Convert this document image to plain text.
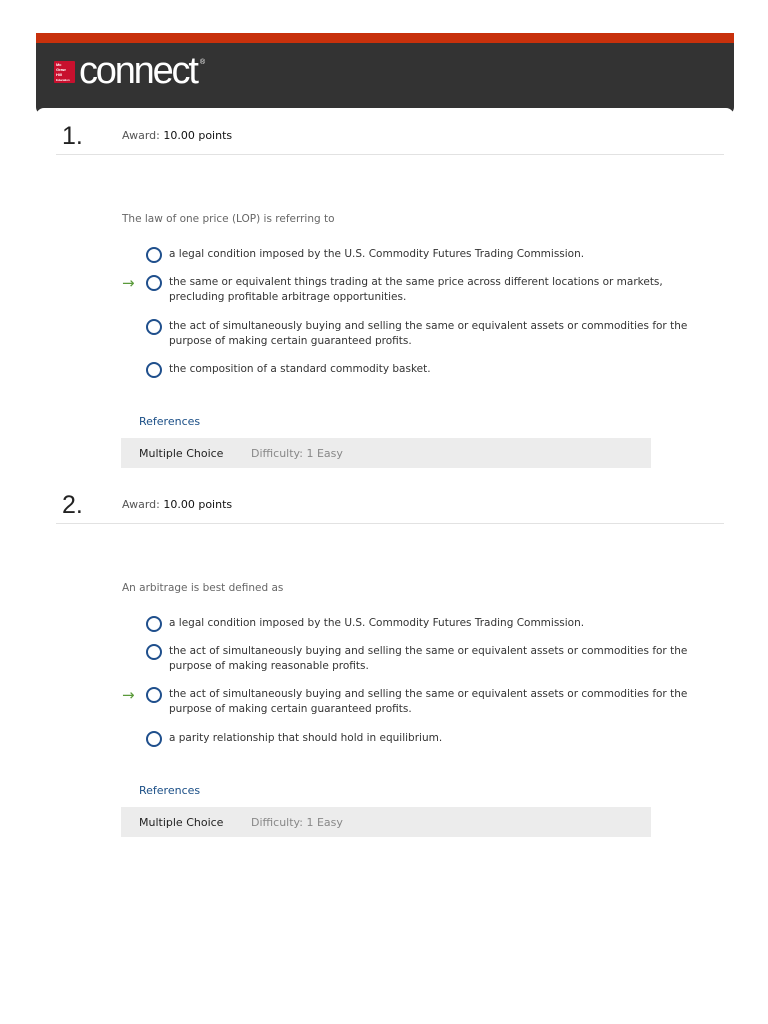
Mc
Graw
Hill
Education connect ®
1.	Award: 10.00 points
The law of one price (LOP) is referring to
a legal condition imposed by the U.S. Commodity Futures Trading Commission.
→	the same or equivalent things trading at the same price across different locations or markets, precluding profitable arbitrage opportunities.
the act of simultaneously buying and selling the same or equivalent assets or commodities for the purpose of making certain guaranteed profits.
the composition of a standard commodity basket.
References
Multiple Choice	Difficulty: 1 Easy
2.	Award: 10.00 points
An arbitrage is best defined as
a legal condition imposed by the U.S. Commodity Futures Trading Commission.
the act of simultaneously buying and selling the same or equivalent assets or commodities for the purpose of making reasonable profits.
→	the act of simultaneously buying and selling the same or equivalent assets or commodities for the purpose of making certain guaranteed profits.
a parity relationship that should hold in equilibrium.
References
Multiple Choice	Difficulty: 1 Easy
